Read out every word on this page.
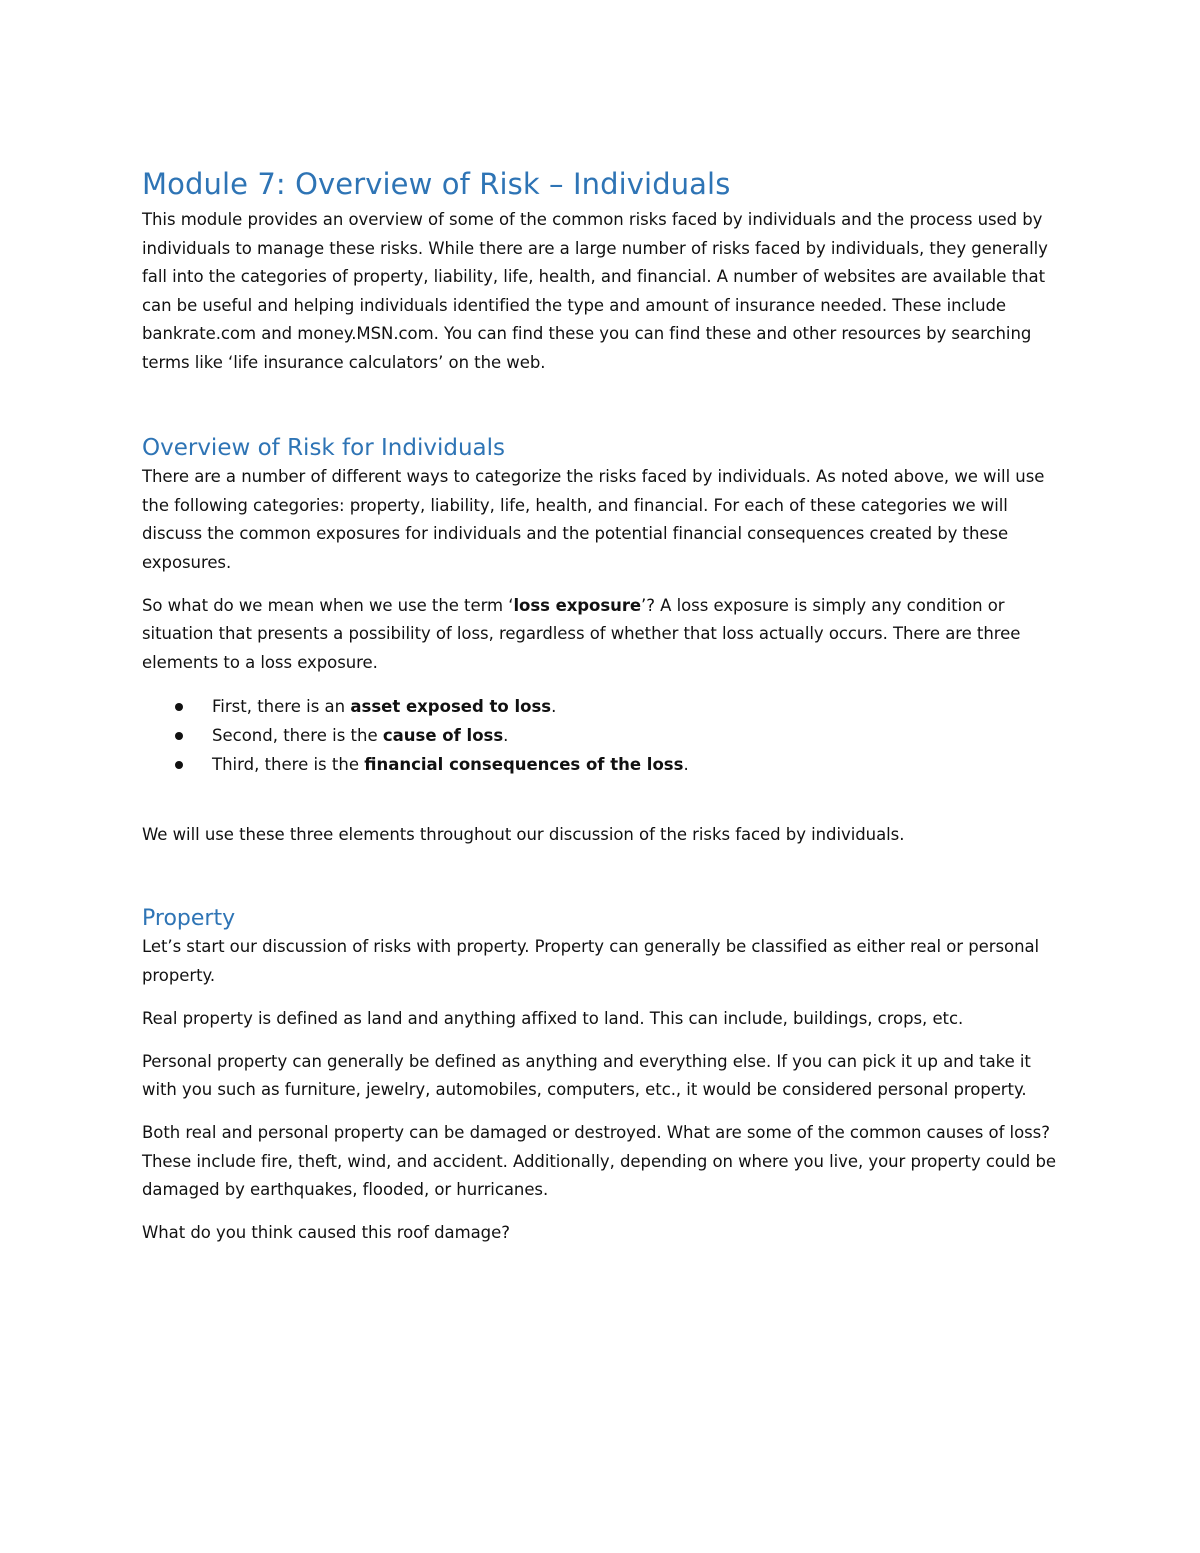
Module 7: Overview of Risk – Individuals

This module provides an overview of some of the common risks faced by individuals and the process used by individuals to manage these risks. While there are a large number of risks faced by individuals, they generally fall into the categories of property, liability, life, health, and financial. A number of websites are available that can be useful and helping individuals identified the type and amount of insurance needed. These include bankrate.com and money.MSN.com. You can find these you can find these and other resources by searching terms like ‘life insurance calculators’ on the web.

Overview of Risk for Individuals

There are a number of different ways to categorize the risks faced by individuals. As noted above, we will use the following categories: property, liability, life, health, and financial. For each of these categories we will discuss the common exposures for individuals and the potential financial consequences created by these exposures.

So what do we mean when we use the term ‘loss exposure’? A loss exposure is simply any condition or situation that presents a possibility of loss, regardless of whether that loss actually occurs. There are three elements to a loss exposure.

First, there is an asset exposed to loss.
Second, there is the cause of loss.
Third, there is the financial consequences of the loss.

We will use these three elements throughout our discussion of the risks faced by individuals.

Property

Let’s start our discussion of risks with property. Property can generally be classified as either real or personal property.

Real property is defined as land and anything affixed to land. This can include, buildings, crops, etc.

Personal property can generally be defined as anything and everything else. If you can pick it up and take it with you such as furniture, jewelry, automobiles, computers, etc., it would be considered personal property.

Both real and personal property can be damaged or destroyed. What are some of the common causes of loss? These include fire, theft, wind, and accident. Additionally, depending on where you live, your property could be damaged by earthquakes, flooded, or hurricanes.

What do you think caused this roof damage?
